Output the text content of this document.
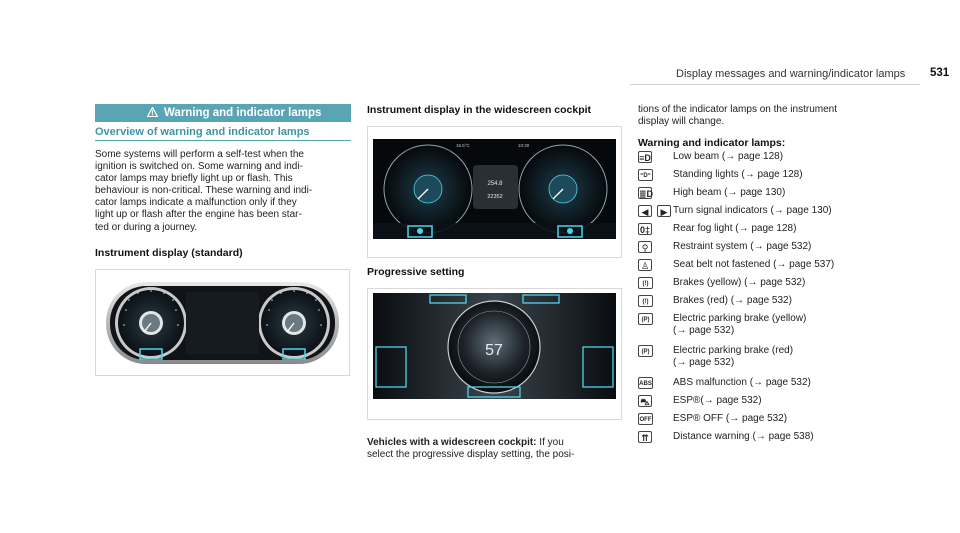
Display messages and warning/indicator lamps	531
Warning and indicator lamps
Overview of warning and indicator lamps
Some systems will perform a self-test when the
ignition is switched on. Some warning and indi-
cator lamps may briefly light up or flash. This
behaviour is non-critical. These warning and indi-
cator lamps indicate a malfunction only if they
light up or flash after the engine has been star-
ted or during a journey.
Instrument display (standard)
Instrument display in the widescreen cockpit
254.8
22352
16.5°C	10:30
Progressive setting
57
Vehicles with a widescreen cockpit: If you
select the progressive display setting, the posi-
tions of the indicator lamps on the instrument
display will change.
Warning and indicator lamps:
≡D Low beam (→ page 128)
⁼D⁼ Standing lights (→ page 128)
≣D High beam (→ page 130)
◀	▶ Turn signal indicators (→ page 130)
0‡ Rear fog light (→ page 128)
⚲	Restraint system (→ page 532)
♙ Seat belt not fastened (→ page 537)
(!)	Brakes (yellow) (→ page 532)
(!)	Brakes (red) (→ page 532)
(P)	Electric parking brake (yellow)
(→ page 532)
(P)	Electric parking brake (red)
(→ page 532)
ABS ABS malfunction (→ page 532)
⛍ ESP®(→ page 532)
OFF ESP® OFF (→ page 532)
⇈	Distance warning (→ page 538)
